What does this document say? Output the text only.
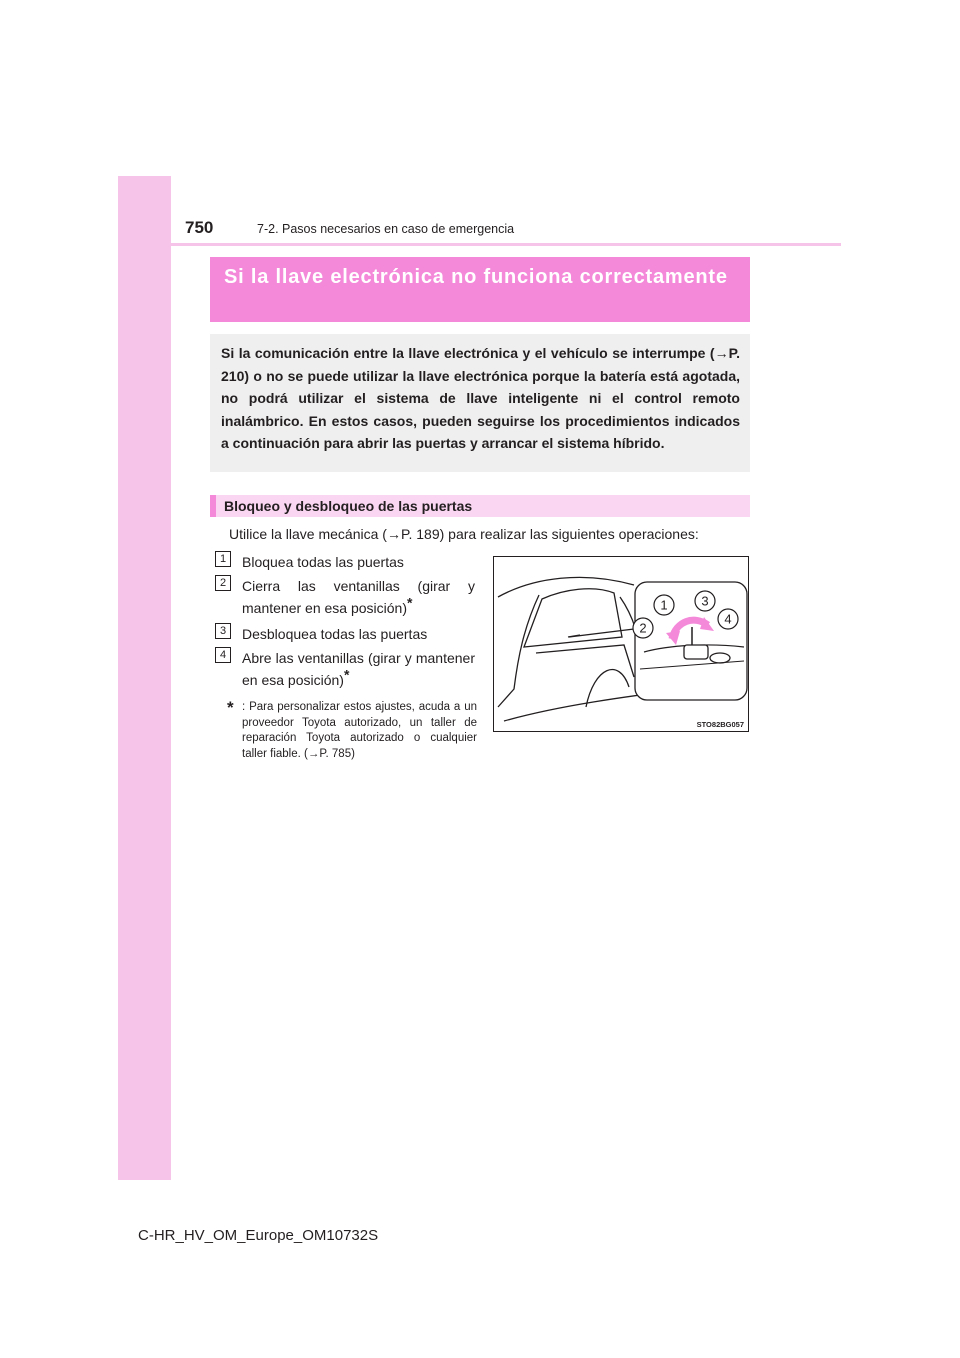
750	7-2. Pasos necesarios en caso de emergencia
Si la llave electrónica no funciona correctamente
Si la comunicación entre la llave electrónica y el vehículo se interrumpe (→P. 210) o no se puede utilizar la llave electrónica porque la batería está agotada, no podrá utilizar el sistema de llave inteligente ni el control remoto inalámbrico. En estos casos, pueden seguirse los procedimientos indicados a continuación para abrir las puertas y arrancar el sistema híbrido.
Bloqueo y desbloqueo de las puertas
Utilice la llave mecánica (→P. 189) para realizar las siguientes operaciones:
1	Bloquea todas las puertas
2	Cierra las ventanillas (girar y mantener en esa posición)*
3	Desbloquea todas las puertas
4	Abre las ventanillas (girar y mantener en esa posición)*
* : Para personalizar estos ajustes, acuda a un proveedor Toyota autorizado, un taller de reparación Toyota autorizado o cualquier taller fiable. (→P. 785)
1
2
3
4
STO82BG057
C-HR_HV_OM_Europe_OM10732S
